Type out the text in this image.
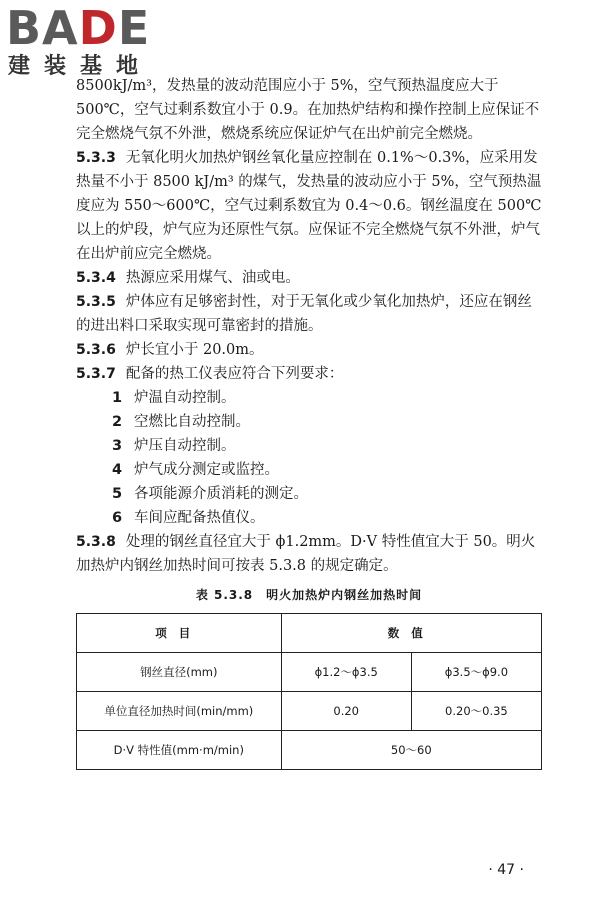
BADE
建装基地

8500kJ/m³，发热量的波动范围应小于 5%，空气预热温度应大于 500℃，空气过剩系数宜小于 0.9。在加热炉结构和操作控制上应保证不完全燃烧气氛不外泄，燃烧系统应保证炉气在出炉前完全燃烧。

5.3.3 无氧化明火加热炉钢丝氧化量应控制在 0.1%～0.3%，应采用发热量不小于 8500 kJ/m³ 的煤气，发热量的波动应小于 5%，空气预热温度应为 550～600℃，空气过剩系数宜为 0.4～0.6。钢丝温度在 500℃以上的炉段，炉气应为还原性气氛。应保证不完全燃烧气氛不外泄，炉气在出炉前应完全燃烧。

5.3.4 热源应采用煤气、油或电。

5.3.5 炉体应有足够密封性，对于无氧化或少氧化加热炉，还应在钢丝的进出料口采取实现可靠密封的措施。

5.3.6 炉长宜小于 20.0m。

5.3.7 配备的热工仪表应符合下列要求：

1 炉温自动控制。

2 空燃比自动控制。

3 炉压自动控制。

4 炉气成分测定或监控。

5 各项能源介质消耗的测定。

6 车间应配备热值仪。

5.3.8 处理的钢丝直径宜大于 ϕ1.2mm。D·V 特性值宜大于 50。明火加热炉内钢丝加热时间可按表 5.3.8 的规定确定。

表 5.3.8　明火加热炉内钢丝加热时间
项目	数值	
钢丝直径(mm)	ϕ1.2～ϕ3.5	ϕ3.5～ϕ9.0
单位直径加热时间(min/mm)	0.20	0.20～0.35
D·V 特性值(mm·m/min)	50～60	
· 47 ·
